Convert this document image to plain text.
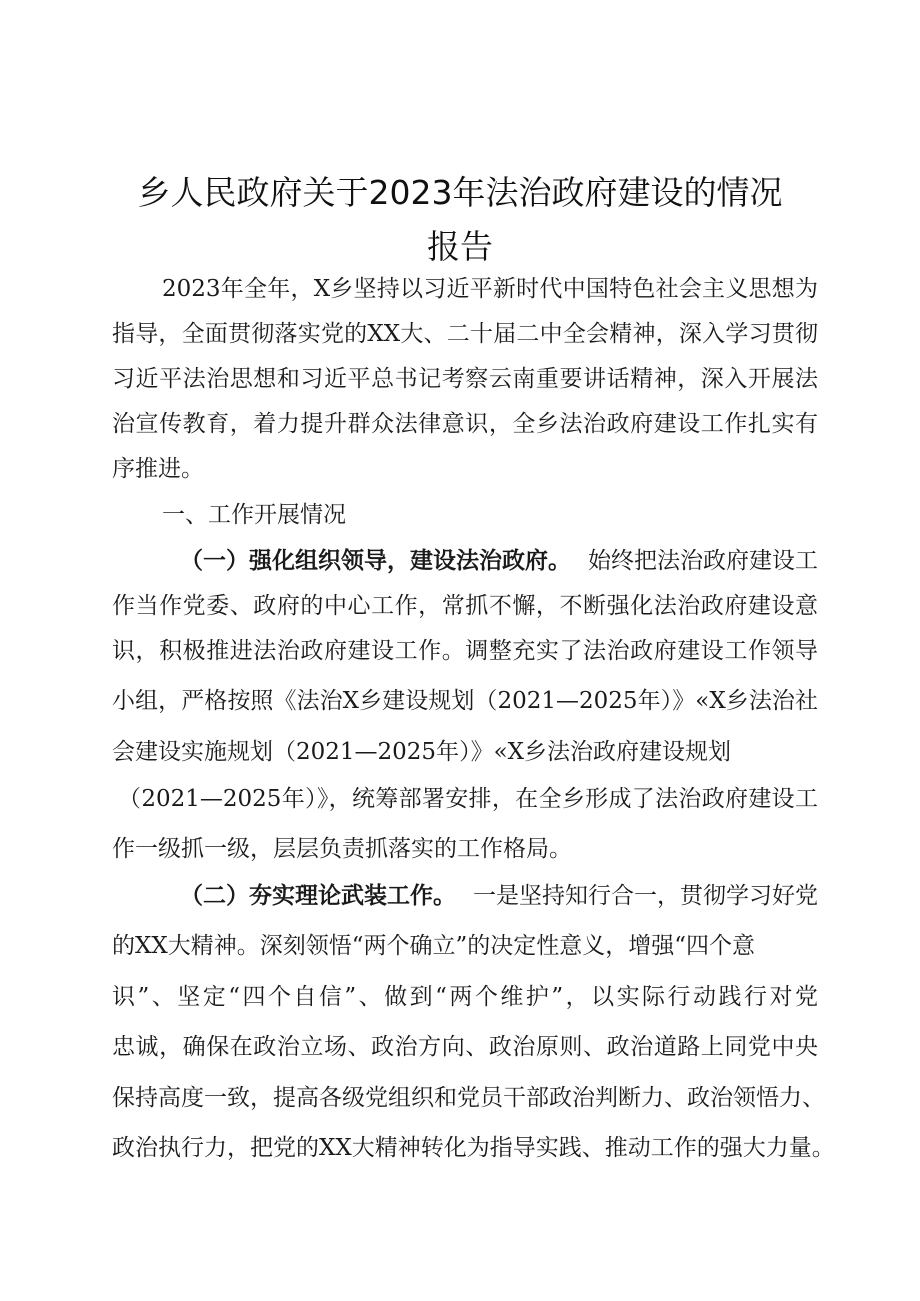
乡人民政府关于2023年法治政府建设的情况
报告
2023年全年，X乡坚持以习近平新时代中国特色社会主义思想为
指导，全面贯彻落实党的XX大、二十届二中全会精神，深入学习贯彻
习近平法治思想和习近平总书记考察云南重要讲话精神，深入开展法
治宣传教育，着力提升群众法律意识，全乡法治政府建设工作扎实有
序推进。
一、工作开展情况
（一）强化组织领导，建设法治政府。 始终把法治政府建设工
作当作党委、政府的中心工作，常抓不懈，不断强化法治政府建设意
识，积极推进法治政府建设工作。调整充实了法治政府建设工作领导
小组，严格按照《法治X乡建设规划（2021—2025年）》«X乡法治社
会建设实施规划（2021—2025年）》«X乡法治政府建设规划
（2021—2025年）》，统筹部署安排，在全乡形成了法治政府建设工
作一级抓一级，层层负责抓落实的工作格局。
（二）夯实理论武装工作。 一是坚持知行合一，贯彻学习好党
的XX大精神。深刻领悟“两个确立”的决定性意义，增强“四个意
识”、坚定“四个自信”、做到“两个维护”，以实际行动践行对党
忠诚，确保在政治立场、政治方向、政治原则、政治道路上同党中央
保持高度一致，提高各级党组织和党员干部政治判断力、政治领悟力、
政治执行力，把党的XX大精神转化为指导实践、推动工作的强大力量。
